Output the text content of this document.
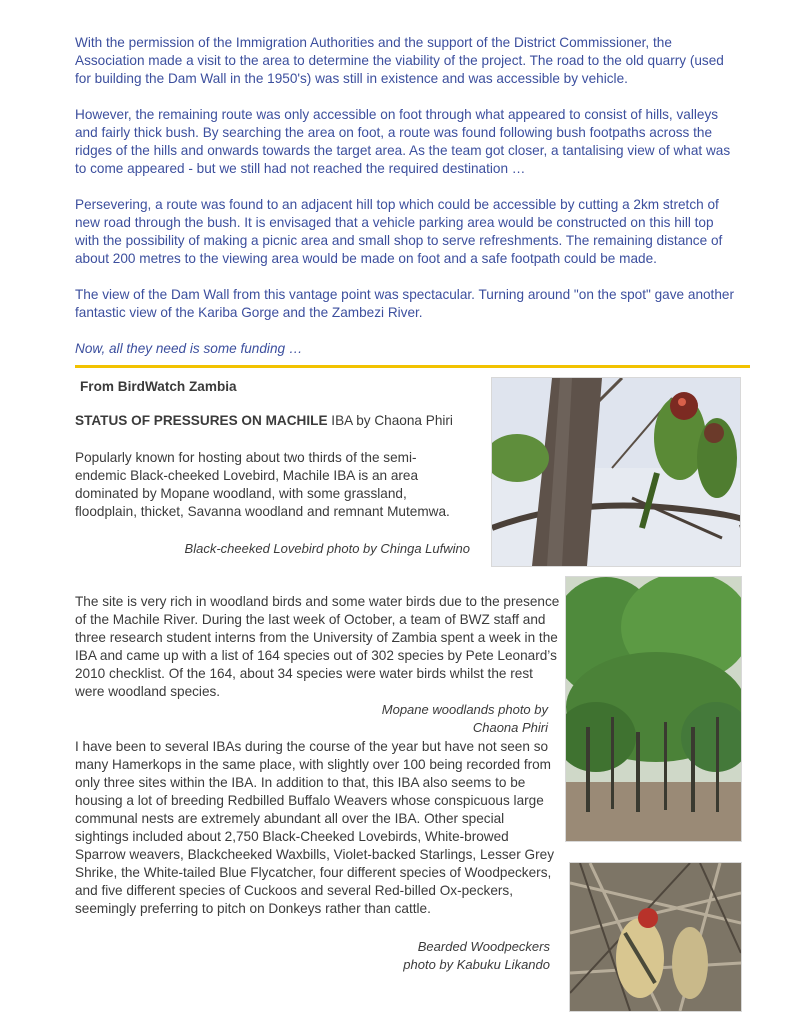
With the permission of the Immigration Authorities and the support of the District Commissioner, the Association made a visit to the area to determine the viability of the project. The road to the old quarry (used for building the Dam Wall in the 1950's) was still in existence and was accessible by vehicle.

However, the remaining route was only accessible on foot through what appeared to consist of hills, valleys and fairly thick bush. By searching the area on foot, a route was found following bush footpaths across the ridges of the hills and onwards towards the target area. As the team got closer, a tantalising view of what was to come appeared - but we still had not reached the required destination …

Persevering, a route was found to an adjacent hill top which could be accessible by cutting a 2km stretch of new road through the bush. It is envisaged that a vehicle parking area would be constructed on this hill top with the possibility of making a picnic area and small shop to serve refreshments. The remaining distance of about 200 metres to the viewing area would be made on foot and a safe footpath could be made.

The view of the Dam Wall from this vantage point was spectacular. Turning around "on the spot" gave another fantastic view of the Kariba Gorge and the Zambezi River.

Now, all they need is some funding …

From BirdWatch Zambia

STATUS OF PRESSURES ON MACHILE IBA by Chaona Phiri

Popularly known for hosting about two thirds of the semi-endemic Black-cheeked Lovebird, Machile IBA is an area dominated by Mopane woodland, with some grassland, floodplain, thicket, Savanna woodland and remnant Mutemwa.

Black-cheeked Lovebird photo by Chinga Lufwino

The site is very rich in woodland birds and some water birds due to the presence of the Machile River. During the last week of October, a team of BWZ staff and three research student interns from the University of Zambia spent a week in the IBA and came up with a list of 164 species out of 302 species by Pete Leonard’s 2010 checklist. Of the 164, about 34 species were water birds whilst the rest were woodland species.

Mopane woodlands photo by
Chaona Phiri

I have been to several IBAs during the course of the year but have not seen so many Hamerkops in the same place, with slightly over 100 being recorded from only three sites within the IBA. In addition to that, this IBA also seems to be housing a lot of breeding Redbilled Buffalo Weavers whose conspicuous large communal nests are extremely abundant all over the IBA. Other special sightings included about 2,750 Black-Cheeked Lovebirds, White-browed

Sparrow weavers, Blackcheeked Waxbills, Violet-backed Starlings, Lesser Grey Shrike, the White-tailed Blue Flycatcher, four different species of Woodpeckers, and five different species of Cuckoos and several Red-billed Ox-peckers, seemingly preferring to pitch on Donkeys rather than cattle.

Bearded Woodpeckers
photo by Kabuku Likando
